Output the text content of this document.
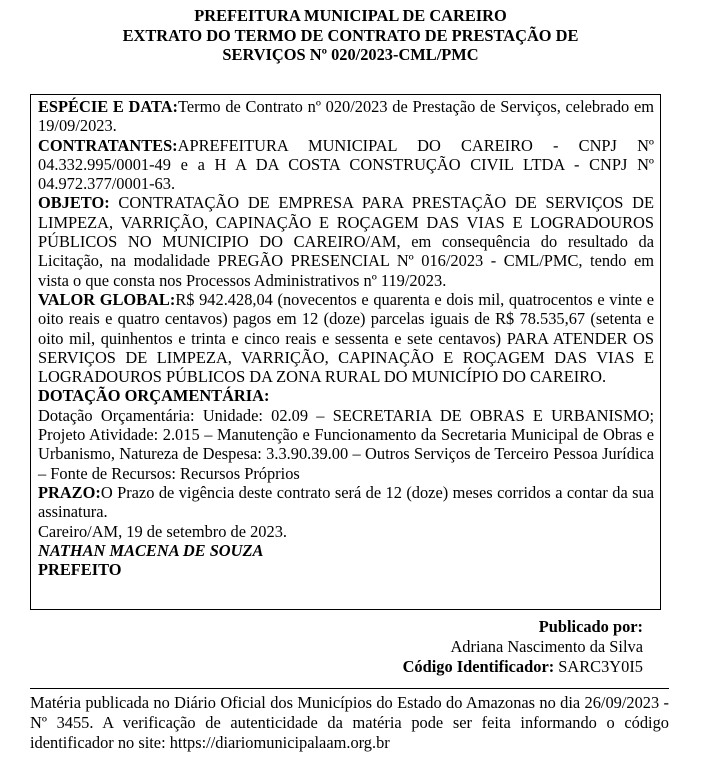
PREFEITURA MUNICIPAL DE CAREIRO
EXTRATO DO TERMO DE CONTRATO DE PRESTAÇÃO DE
SERVIÇOS Nº 020/2023-CML/PMC

ESPÉCIE E DATA:Termo de Contrato nº 020/2023 de Prestação de Serviços, celebrado em 19/09/2023.

CONTRATANTES:APREFEITURA MUNICIPAL DO CAREIRO - CNPJ Nº 04.332.995/0001-49 e a H A DA COSTA CONSTRUÇÃO CIVIL LTDA - CNPJ Nº 04.972.377/0001-63.

OBJETO: CONTRATAÇÃO DE EMPRESA PARA PRESTAÇÃO DE SERVIÇOS DE LIMPEZA, VARRIÇÃO, CAPINAÇÃO E ROÇAGEM DAS VIAS E LOGRADOUROS PÚBLICOS NO MUNICIPIO DO CAREIRO/AM, em consequência do resultado da Licitação, na modalidade PREGÃO PRESENCIAL Nº 016/2023 - CML/PMC, tendo em vista o que consta nos Processos Administrativos nº 119/2023.

VALOR GLOBAL:R$ 942.428,04 (novecentos e quarenta e dois mil, quatrocentos e vinte e oito reais e quatro centavos) pagos em 12 (doze) parcelas iguais de R$ 78.535,67 (setenta e oito mil, quinhentos e trinta e cinco reais e sessenta e sete centavos) PARA ATENDER OS SERVIÇOS DE LIMPEZA, VARRIÇÃO, CAPINAÇÃO E ROÇAGEM DAS VIAS E LOGRADOUROS PÚBLICOS DA ZONA RURAL DO MUNICÍPIO DO CAREIRO.

DOTAÇÃO ORÇAMENTÁRIA:

Dotação Orçamentária: Unidade: 02.09 – SECRETARIA DE OBRAS E URBANISMO; Projeto Atividade: 2.015 – Manutenção e Funcionamento da Secretaria Municipal de Obras e Urbanismo, Natureza de Despesa: 3.3.90.39.00 – Outros Serviços de Terceiro Pessoa Jurídica – Fonte de Recursos: Recursos Próprios

PRAZO:O Prazo de vigência deste contrato será de 12 (doze) meses corridos a contar da sua assinatura.

Careiro/AM, 19 de setembro de 2023.

NATHAN MACENA DE SOUZA

PREFEITO

Publicado por:
Adriana Nascimento da Silva
Código Identificador: SARC3Y0I5
Matéria publicada no Diário Oficial dos Municípios do Estado do Amazonas no dia 26/09/2023 - Nº 3455. A verificação de autenticidade da matéria pode ser feita informando o código identificador no site: https://diariomunicipalaam.org.br
